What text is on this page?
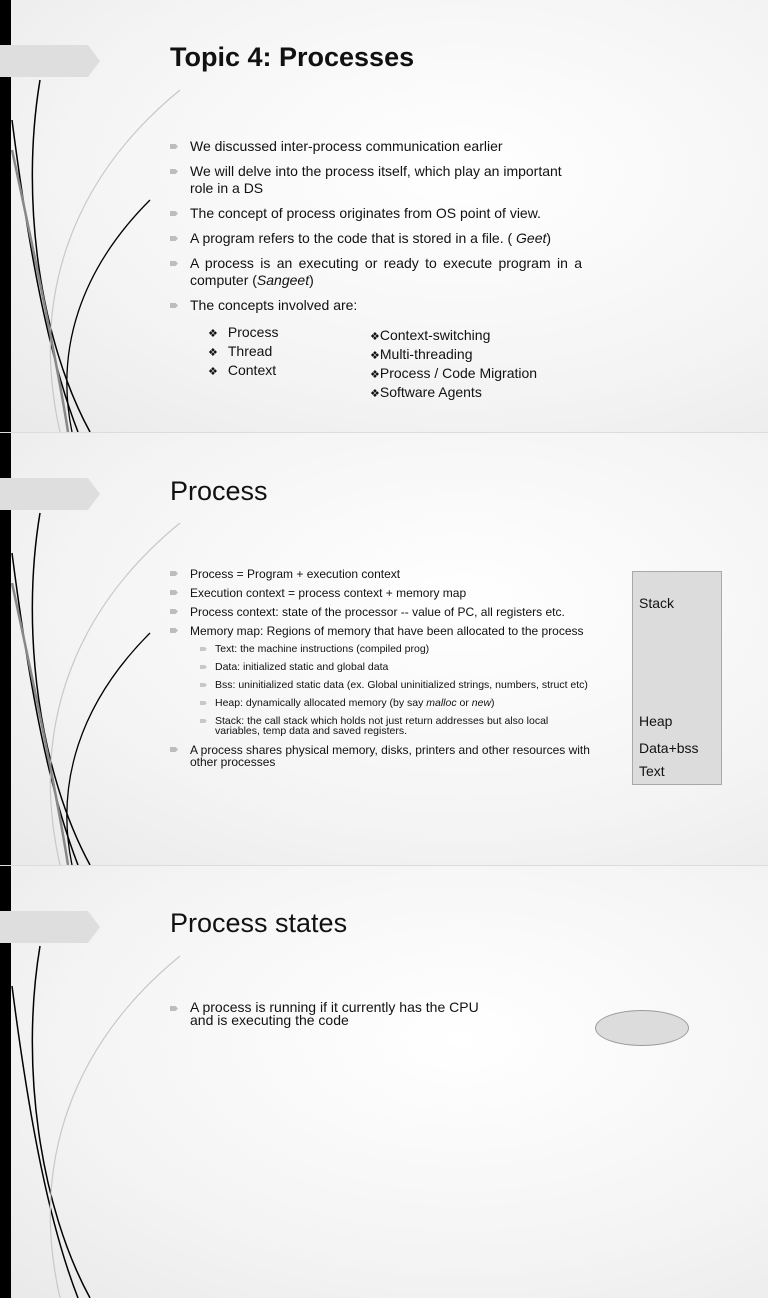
Topic 4: Processes
We discussed inter-process communication earlier
We will delve into the process itself, which play an important role in a DS
The concept of process originates from OS point of view.
A program refers to the code that is stored in a file. ( Geet)
A process is an executing or ready to execute program in a computer (Sangeet)
The concepts involved are:
❖ Process
❖ Thread
❖ Context
❖ Context-switching
❖ Multi-threading
❖ Process / Code Migration
❖ Software Agents
Process
Process = Program + execution context
Execution context = process context + memory map
Process context: state of the processor -- value of PC, all registers etc.
Memory map: Regions of memory that have been allocated to the process
Text: the machine instructions (compiled prog)
Data: initialized static and global data
Bss: uninitialized static data (ex. Global uninitialized strings, numbers, struct etc)
Heap: dynamically allocated memory (by say malloc or new)
Stack: the call stack which holds not just return addresses but also local variables, temp data and saved registers.
A process shares physical memory, disks, printers and other resources with other processes
Stack
Heap
Data+bss
Text
Process states
A process is running if it currently has the CPU and is executing the code
